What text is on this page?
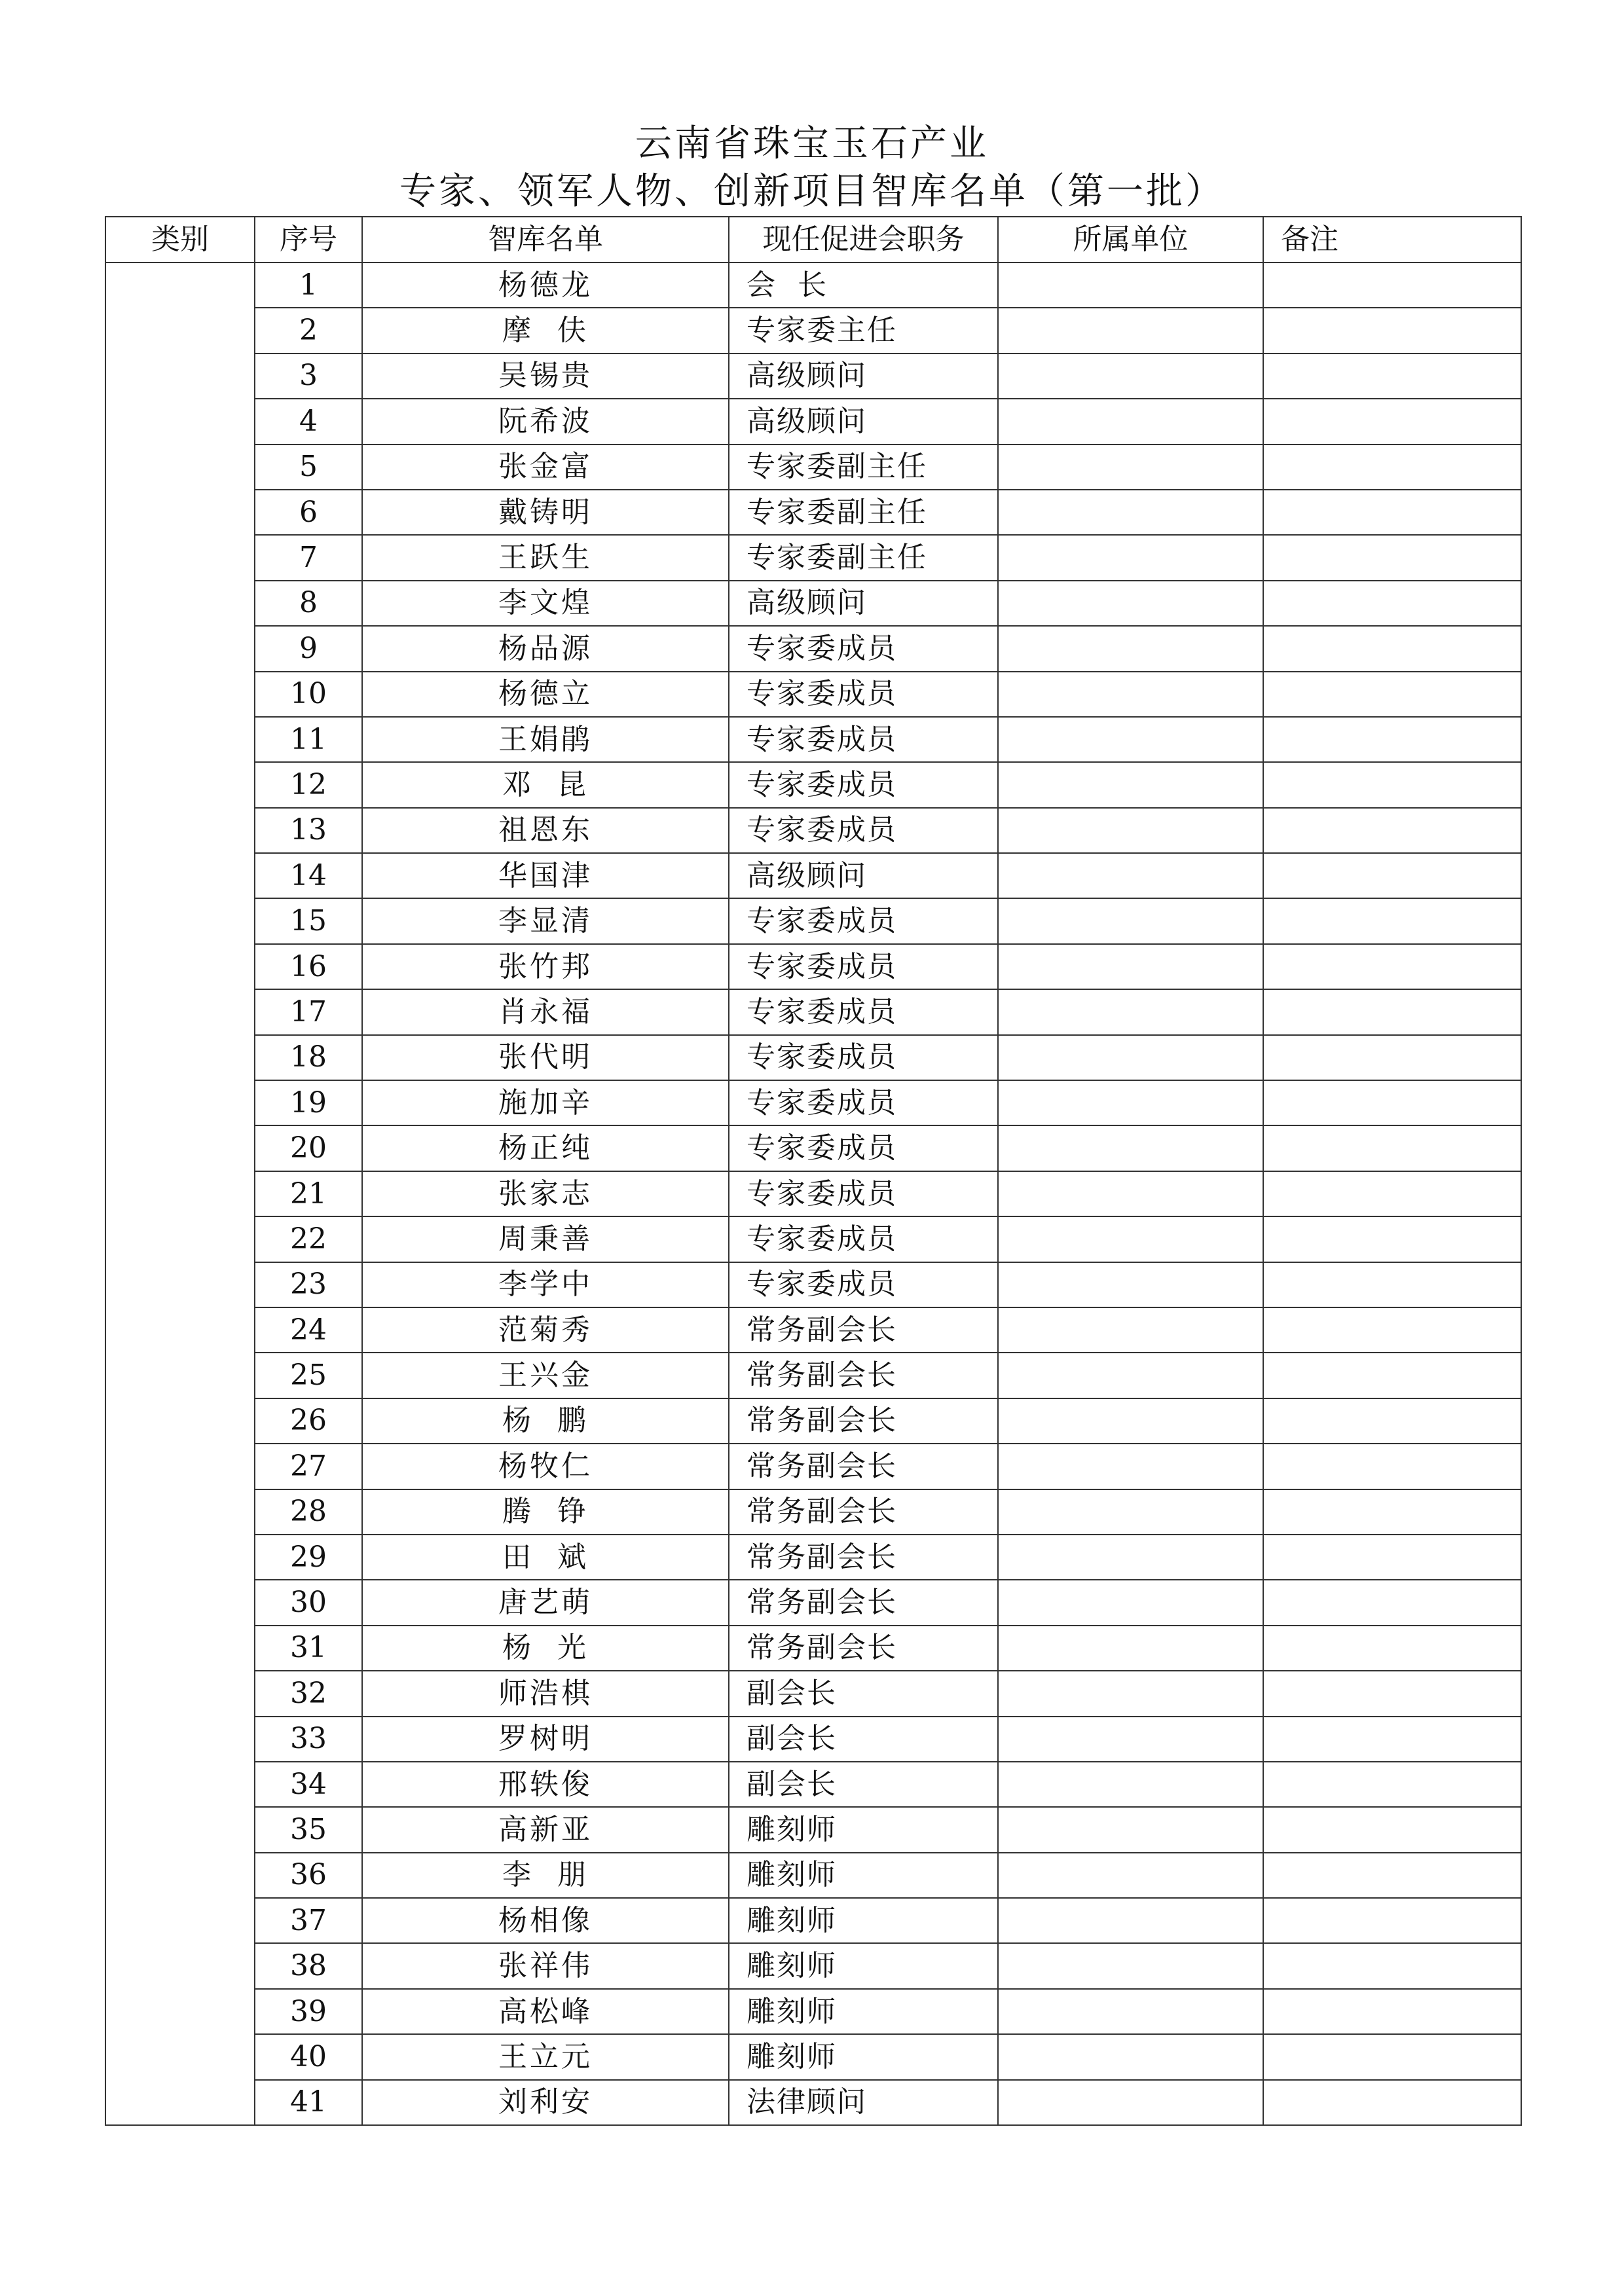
云南省珠宝玉石产业
专家、领军人物、创新项目智库名单（第一批）
类别	序号	智库名单	现任促进会职务	所属单位	备注
	1	杨德龙	会  长		
	2	摩  伕	专家委主任		
	3	吴锡贵	高级顾问		
	4	阮希波	高级顾问		
	5	张金富	专家委副主任		
	6	戴铸明	专家委副主任		
	7	王跃生	专家委副主任		
	8	李文煌	高级顾问		
	9	杨品源	专家委成员		
	10	杨德立	专家委成员		
	11	王娟鹃	专家委成员		
	12	邓  昆	专家委成员		
	13	祖恩东	专家委成员		
	14	华国津	高级顾问		
	15	李显清	专家委成员		
	16	张竹邦	专家委成员		
	17	肖永福	专家委成员		
	18	张代明	专家委成员		
	19	施加辛	专家委成员		
	20	杨正纯	专家委成员		
	21	张家志	专家委成员		
	22	周秉善	专家委成员		
	23	李学中	专家委成员		
	24	范菊秀	常务副会长		
	25	王兴金	常务副会长		
	26	杨  鹏	常务副会长		
	27	杨牧仁	常务副会长		
	28	腾  铮	常务副会长		
	29	田  斌	常务副会长		
	30	唐艺萌	常务副会长		
	31	杨  光	常务副会长		
	32	师浩棋	副会长		
	33	罗树明	副会长		
	34	邢轶俊	副会长		
	35	高新亚	雕刻师		
	36	李  朋	雕刻师		
	37	杨相像	雕刻师		
	38	张祥伟	雕刻师		
	39	高松峰	雕刻师		
	40	王立元	雕刻师		
	41	刘利安	法律顾问		
